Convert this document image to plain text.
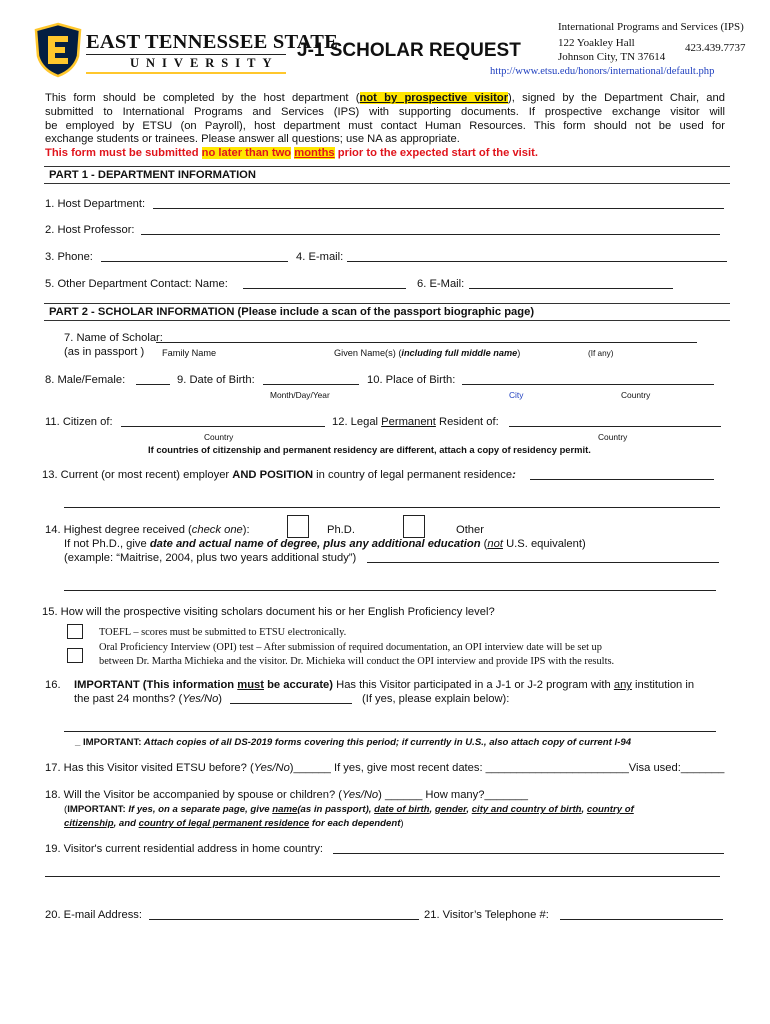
EAST TENNESSEE STATE
UNIVERSITY
J-1 SCHOLAR REQUEST
International Programs and Services (IPS)
122 Yoakley Hall	423.439.7737
Johnson City, TN 37614
http://www.etsu.edu/honors/international/default.php
This form should be completed by the host department (not by prospective visitor), signed by the Department Chair, and
submitted to International Programs and Services (IPS) with supporting documents. If prospective exchange visitor will
be employed by ETSU (on Payroll), host department must contact Human Resources. This form should not be used for
exchange students or trainees. Please answer all questions; use NA as appropriate.
This form must be submitted no later than two months prior to the expected start of the visit.
PART 1 - DEPARTMENT INFORMATION
1. Host Department:
2. Host Professor:
3. Phone:	4. E-mail:
5. Other Department Contact: Name:	6. E-Mail:
PART 2 - SCHOLAR INFORMATION (Please include a scan of the passport biographic page)
7. Name of Scholar:
(as in passport ) Family Name	Given Name(s) (including full middle name)	(If any)
8. Male/Female:	9. Date of Birth:	10. Place of Birth:
Month/Day/Year	City	Country
11. Citizen of:	12. Legal Permanent Resident of:
Country	Country
If countries of citizenship and permanent residency are different, attach a copy of residency permit.
13. Current (or most recent) employer AND POSITION in country of legal permanent residence:
14. Highest degree received (check one):	Ph.D.	Other
If not Ph.D., give date and actual name of degree, plus any additional education (not U.S. equivalent)
(example: “Maitrise, 2004, plus two years additional study”)
15. How will the prospective visiting scholars document his or her English Proficiency level?
TOEFL – scores must be submitted to ETSU electronically.
Oral Proficiency Interview (OPI) test – After submission of required documentation, an OPI interview date will be set up
between Dr. Martha Michieka and the visitor. Dr. Michieka will conduct the OPI interview and provide IPS with the results.
16. IMPORTANT (This information must be accurate) Has this Visitor participated in a J-1 or J-2 program with any institution in
the past 24 months? (Yes/No)	(If yes, please explain below):
_ IMPORTANT: Attach copies of all DS-2019 forms covering this period; if currently in U.S., also attach copy of current I-94
17. Has this Visitor visited ETSU before? (Yes/No)______ If yes, give most recent dates: _______________________Visa used:_______
18. Will the Visitor be accompanied by spouse or children? (Yes/No) ______ How many?_______
(IMPORTANT: If yes, on a separate page, give name(as in passport), date of birth, gender, city and country of birth, country of
citizenship, and country of legal permanent residence for each dependent)
19. Visitor's current residential address in home country:
20. E-mail Address:	21. Visitor’s Telephone #:
